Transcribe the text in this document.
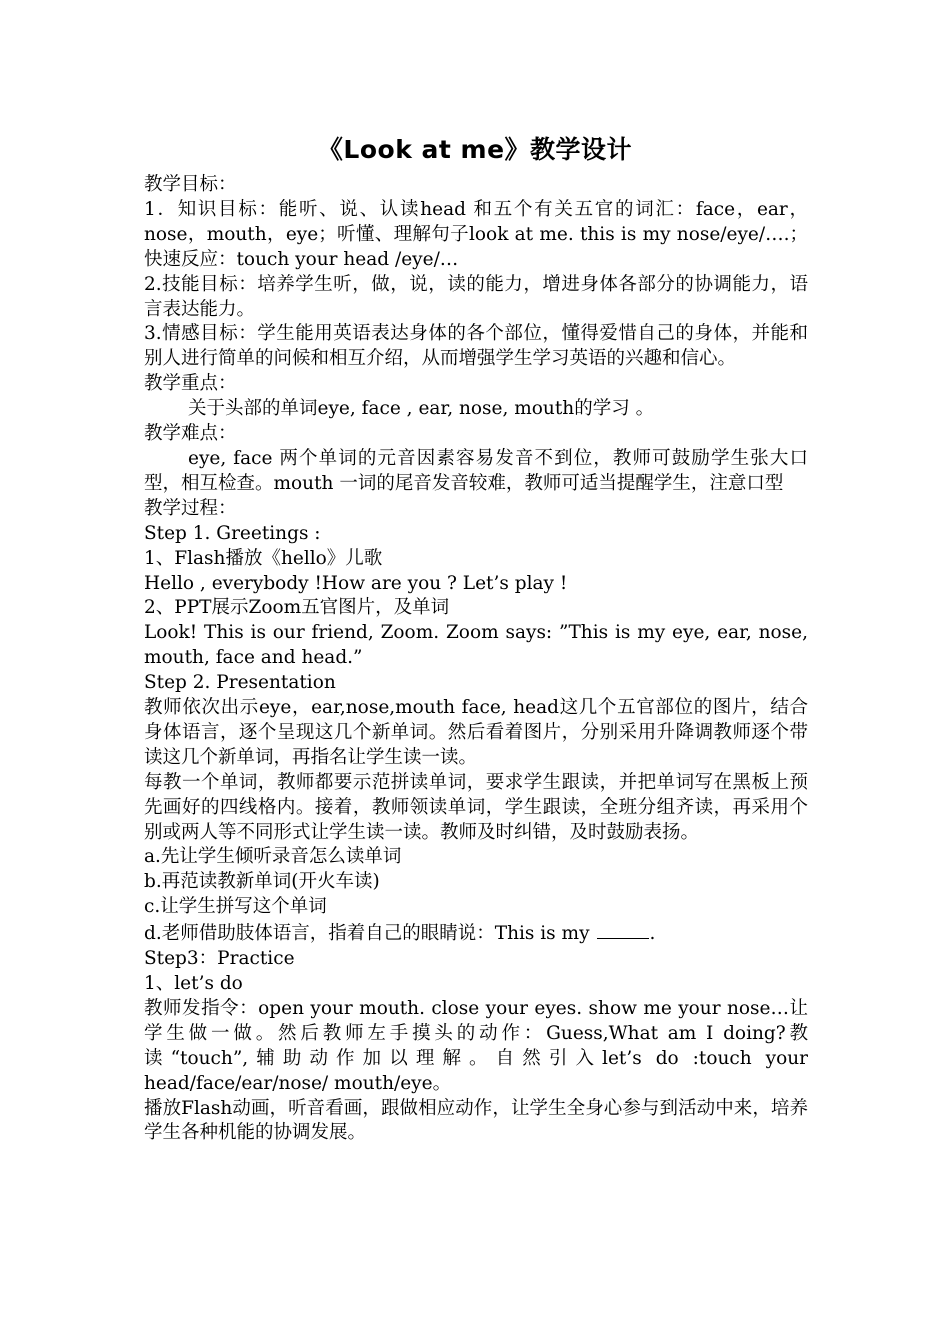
《Look at me》教学设计

教学目标：

1．知识目标：能听、说、认读head 和五个有关五官的词汇：face，ear，nose，mouth，eye；听懂、理解句子look at me. this is my nose/eye/….；快速反应：touch your head /eye/…

2.技能目标：培养学生听，做，说，读的能力，增进身体各部分的协调能力，语言表达能力。

3.情感目标：学生能用英语表达身体的各个部位，懂得爱惜自己的身体，并能和别人进行简单的问候和相互介绍，从而增强学生学习英语的兴趣和信心。

教学重点：

关于头部的单词eye, face , ear, nose, mouth的学习 。

教学难点：

eye, face 两个单词的元音因素容易发音不到位，教师可鼓励学生张大口型，相互检查。mouth 一词的尾音发音较难，教师可适当提醒学生，注意口型

教学过程：

Step 1. Greetings :

1、Flash播放《hello》儿歌

Hello , everybody !How are you ? Let’s play !

2、PPT展示Zoom五官图片，及单词

Look! This is our friend, Zoom. Zoom says: ”This is my eye, ear, nose, mouth, face and head.”

Step 2. Presentation

教师依次出示eye，ear,nose,mouth face, head这几个五官部位的图片，结合身体语言，逐个呈现这几个新单词。然后看着图片，分别采用升降调教师逐个带读这几个新单词，再指名让学生读一读。

每教一个单词，教师都要示范拼读单词，要求学生跟读，并把单词写在黑板上预先画好的四线格内。接着，教师领读单词，学生跟读，全班分组齐读，再采用个别或两人等不同形式让学生读一读。教师及时纠错，及时鼓励表扬。

a.先让学生倾听录音怎么读单词

b.再范读教新单词(开火车读)

c.让学生拼写这个单词

d.老师借助肢体语言，指着自己的眼睛说：This is my	.

Step3：Practice

1、let’s do

教师发指令：open your mouth. close your eyes. show me your nose…让学生做一做。然后教师左手摸头的动作：Guess,What am I doing?教读“touch”,辅助动作加以理解。自然引入let’s do :touch your head/face/ear/nose/ mouth/eye。

播放Flash动画，听音看画，跟做相应动作，让学生全身心参与到活动中来，培养学生各种机能的协调发展。
